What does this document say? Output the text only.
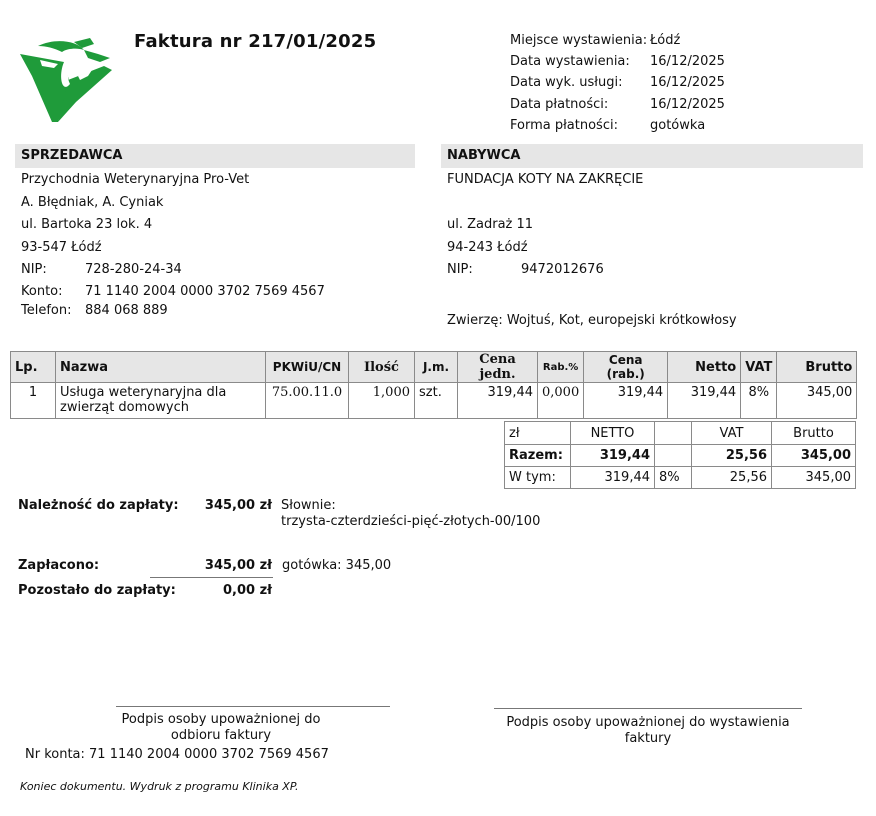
Faktura nr 217/01/2025	Miejsce wystawienia: Łódź
Data wystawienia:	16/12/2025
Data wyk. usługi:	16/12/2025
Data płatności:	16/12/2025
Forma płatności:	gotówka
SPRZEDAWCA
Przychodnia Weterynaryjna Pro-Vet
A. Błędniak, A. Cyniak
ul. Bartoka 23 lok. 4
93-547 Łódź
NIP:	728-280-24-34
Konto:	71 1140 2004 0000 3702 7569 4567
Telefon:	884 068 889
NABYWCA
FUNDACJA KOTY NA ZAKRĘCIE
ul. Zadraż 11
94-243 Łódź
NIP:	9472012676
Zwierzę: Wojtuś, Kot, europejski krótkowłosy
Lp.	Nazwa	PKWiU/CN	Ilość	J.m.	Cena jedn.	Rab.%	Cena (rab.)	Netto	VAT	Brutto
1	Usługa weterynaryjna dla
zwierząt domowych	75.00.11.0	1,000	szt.	319,44	0,000	319,44	319,44	8%	345,00
zł	NETTO		VAT	Brutto
Razem:	319,44		25,56	345,00
W tym:	319,44	8%	25,56	345,00
Należność do zapłaty:	345,00 zł Słownie:
trzysta-czterdzieści-pięć-złotych-00/100
Zapłacono:	345,00 zł gotówka: 345,00
Pozostało do zapłaty:	0,00 zł
Podpis osoby upoważnionej do
odbioru faktury
Nr konta: 71 1140 2004 0000 3702 7569 4567
Podpis osoby upoważnionej do wystawienia
faktury
Koniec dokumentu. Wydruk z programu Klinika XP.
